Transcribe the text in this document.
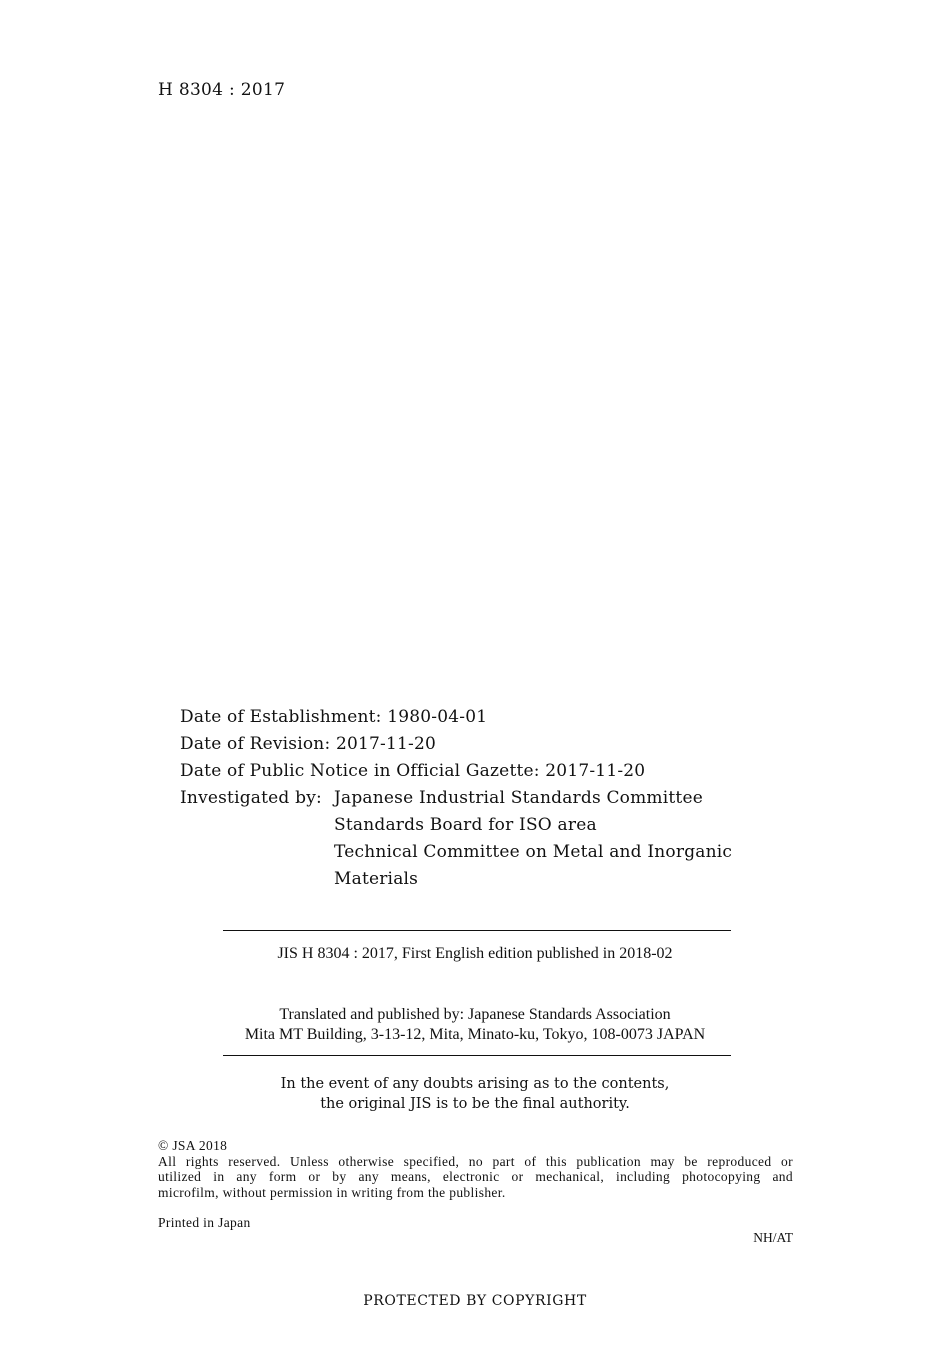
H 8304 : 2017
Date of Establishment: 1980-04-01
Date of Revision: 2017-11-20
Date of Public Notice in Official Gazette: 2017-11-20
Investigated by: Japanese Industrial Standards Committee
Standards Board for ISO area
Technical Committee on Metal and Inorganic
Materials
JIS H 8304 : 2017, First English edition published in 2018-02
Translated and published by: Japanese Standards Association
Mita MT Building, 3-13-12, Mita, Minato-ku, Tokyo, 108-0073 JAPAN
In the event of any doubts arising as to the contents,
the original JIS is to be the final authority.
© JSA 2018
All rights reserved. Unless otherwise specified, no part of this publication may be reproduced or
utilized in any form or by any means, electronic or mechanical, including photocopying and
microfilm, without permission in writing from the publisher.
Printed in Japan
NH/AT
PROTECTED BY COPYRIGHT
